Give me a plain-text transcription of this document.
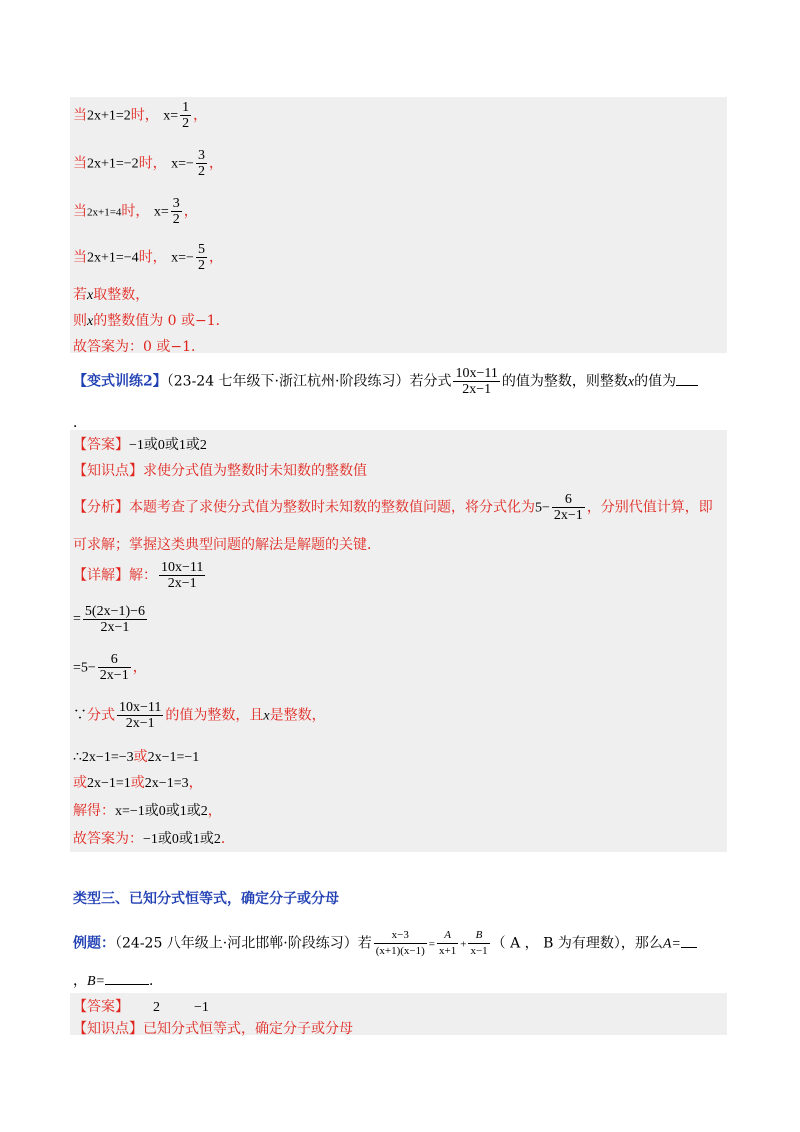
当2x+1=2时， $x= \frac{1}{2}$ ，
当2x+1=−2时， $x=- \frac{3}{2}$ ，
当2x+1=4时， $x= \frac{3}{2}$ ，
当2x+1=−4时， $x=- \frac{5}{2}$ ，
若x取整数，
则x的整数值为 0 或−1．
故答案为：0 或−1．
【变式训练2】（23-24 七年级下·浙江杭州·阶段练习）若分式 $\frac{10x-11}{2x-1}$ 的值为整数，则整数x的值为
．
【答案】−1或0或1或2
【知识点】求使分式值为整数时未知数的整数值
【分析】本题考查了求使分式值为整数时未知数的整数值问题，将分式化为$5- \frac{6}{2x-1}$ ，分别代值计算，即
可求解；掌握这类典型问题的解法是解题的关键．
【详解】解： $\frac{10x-11}{2x-1}$
= $\frac{5(2x-1)-6}{2x-1}$
$=5- \frac{6}{2x-1}$ ，
∵分式 $\frac{10x-11}{2x-1}$ 的值为整数，且x是整数，
∴2x−1=−3或2x−1=−1
或2x−1=1或2x−1=3，
解得：x=−1或0或1或2，
故答案为：−1或0或1或2．
类型三、已知分式恒等式，确定分子或分母
例题：（24-25 八年级上·河北邯郸·阶段练习）若 $\frac{x-3}{(x+1)(x-1)} = \frac{A}{x+1} + \frac{B}{x-1}$ （ A ， B 为有理数），那么A=
，B=	．
【答案】 2 −1
【知识点】已知分式恒等式，确定分子或分母
